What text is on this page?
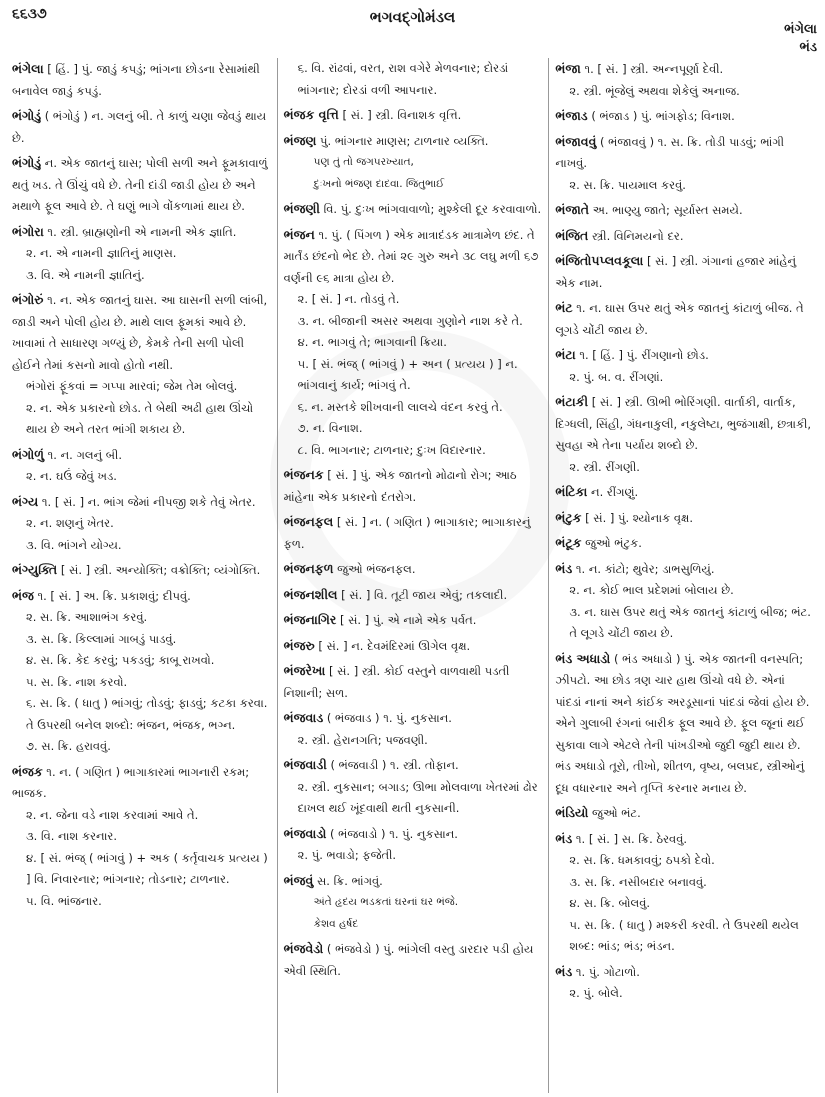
૬૬૩૭	ભગવદ્ગોમંડલ
ભંગેલા
ભંડ
ભંગેલા [ હિં. ] પું. જાડું કપડું; ભાંગના છોડના રેસામાંથી બનાવેલ જાડું કપડું.
ભંગોડું ( ભંગોડું ) ન. ગલનું બી. તે કાળું ચણા જેવડું થાય છે.
ભંગોડું ન. એક જાતનું ઘાસ; પોલી સળી અને ફૂમકાવાળું થતું ખડ. તે ઊંચું વધે છે. તેની દાંડી જાડી હોય છે અને મથાળે ફૂલ આવે છે. તે ઘણું ભાગે વોંકળામાં થાય છે.
ભંગોરા ૧. સ્ત્રી. બ્રાહ્મણોની એ નામની એક જ્ઞાતિ.
૨. ન. એ નામની જ્ઞાતિનું માણસ.
૩. વિ. એ નામની જ્ઞાતિનું.
ભંગોરું ૧. ન. એક જાતનું ઘાસ. આ ઘાસની સળી લાંબી, જાડી અને પોલી હોય છે. માથે લાલ ફૂમકાં આવે છે. ખાવામાં તે સાધારણ ગળ્યું છે, કેમકે તેની સળી પોલી હોઈને તેમાં કસનો માવો હોતો નથી.
ભંગોરાં ફૂંકવાં = ગપ્પા મારવાં; જેમ તેમ બોલવું.
૨. ન. એક પ્રકારનો છોડ. તે બેથી અઢી હાથ ઊંચો થાય છે અને તરત ભાંગી શકાય છે.
ભંગોળું ૧. ન. ગલનું બી.
૨. ન. ઘઉં જેવું ખડ.
ભંગ્ય ૧. [ સં. ] ન. ભાંગ જેમાં નીપજી શકે તેવું ખેતર.
૨. ન. શણનું ખેતર.
૩. વિ. ભાંગને યોગ્ય.
ભંગ્યુક્તિ [ સં. ] સ્ત્રી. અન્યોક્તિ; વક્રોક્તિ; વ્યંગોક્તિ.
ભંજ ૧. [ સં. ] અ. ક્રિ. પ્રકાશવું; દીપવું.
૨. સ. ક્રિ. આશાભંગ કરવું.
૩. સ. ક્રિ. કિલ્લામાં ગાબડું પાડવું.
૪. સ. ક્રિ. કેદ કરવું; પકડવું; કાબૂ રાખવો.
૫. સ. ક્રિ. નાશ કરવો.
૬. સ. ક્રિ. ( ધાતુ ) ભાંગવું; તોડવું; ફાડવું; કટકા કરવા. તે ઉપરથી બનેલ શબ્દો: ભંજન, ભંજક, ભગ્ન.
૭. સ. ક્રિ. હરાવવું.
ભંજક ૧. ન. ( ગણિત ) ભાગાકારમાં ભાગનારી રકમ; ભાજક.
૨. ન. જેના વડે નાશ કરવામાં આવે તે.
૩. વિ. નાશ કરનાર.
૪. [ સં. ભંજ્ ( ભાંગવું ) + અક ( કર્તૃવાચક પ્રત્યય ) ] વિ. નિવારનાર; ભાંગનાર; તોડનાર; ટાળનાર.
૫. વિ. ભાંજનાર.
૬. વિ. રાંઢવાં, વરત, રાશ વગેરે મેળવનાર; દોરડાં ભાંગનાર; દોરડાં વળી આપનાર.
ભંજક વૃત્તિ [ સં. ] સ્ત્રી. વિનાશક વૃત્તિ.
ભંજણ પું. ભાંગનાર માણસ; ટાળનાર વ્યક્તિ.
પણ તું તો જગપરખ્યાત,
દુઃખનો ભંજણ દાદવા. જિતુભાઈ
ભંજણી વિ. પું. દુઃખ ભાંગવાવાળો; મુશ્કેલી દૂર કરવાવાળો.
ભંજન ૧. પું. ( પિંગળ ) એક માત્રાદંડક માત્રામેળ છંદ. તે માર્તંડ છંદનો ભેદ છે. તેમાં ૨૯ ગુરુ અને ૩૮ લઘુ મળી ૬૭ વર્ણની ૯૬ માત્રા હોય છે.
૨. [ સં. ] ન. તોડવું તે.
૩. ન. બીજાની અસર અથવા ગુણોને નાશ કરે તે.
૪. ન. ભાગવું તે; ભાગવાની ક્રિયા.
૫. [ સં. ભંજ્ ( ભાંગવું ) + અન ( પ્રત્યય ) ] ન. ભાંગવાનું કાર્ય; ભાંગવું તે.
૬. ન. મસ્તકે શીખવાની લાલચે વંદન કરવું તે.
૭. ન. વિનાશ.
૮. વિ. ભાગનાર; ટાળનાર; દુઃખ વિદારનાર.
ભંજનક [ સં. ] પું. એક જાતનો મોઢાનો રોગ; આઠ માંહેના એક પ્રકારનો દંતરોગ.
ભંજનફલ [ સં. ] ન. ( ગણિત ) ભાગાકાર; ભાગાકારનું ફળ.
ભંજનફળ જુઓ ભંજનફલ.
ભંજનશીલ [ સં. ] વિ. તૂટી જાય એવું; તકલાદી.
ભંજનાગિર [ સં. ] પું. એ નામે એક પર્વત.
ભંજરુ [ સં. ] ન. દેવમંદિરમાં ઊગેલ વૃક્ષ.
ભંજરેખા [ સં. ] સ્ત્રી. કોઈ વસ્તુને વાળવાથી પડતી નિશાની; સળ.
ભંજવાડ ( ભંજવાડ ) ૧. પું. નુકસાન.
૨. સ્ત્રી. હેરાનગતિ; પજવણી.
ભંજવાડી ( ભંજવાડી ) ૧. સ્ત્રી. તોફાન.
૨. સ્ત્રી. નુકસાન; બગાડ; ઊભા મોલવાળા ખેતરમાં ઢોર દાખલ થઈ ખૂંદવાથી થતી નુકસાની.
ભંજવાડો ( ભંજવાડો ) ૧. પું. નુકસાન.
૨. પું. ભવાડો; ફજેતી.
ભંજવું સ. ક્રિ. ભાંગવું.
અંતે હૃદય ભડકતાં ઘરનાં ઘર ભંજે.
કેશવ હર્ષદ
ભંજવેડો ( ભંજવેડો ) પું. ભાંગેલી વસ્તુ ડારદાર પડી હોય એવી સ્થિતિ.
ભંજા ૧. [ સં. ] સ્ત્રી. અન્નપૂર્ણા દેવી.
૨. સ્ત્રી. ભૂંજેલું અથવા શેકેલું અનાજ.
ભંજાડ ( ભંજાડ ) પું. ભાંગફોડ; વિનાશ.
ભંજાવવું ( ભંજાવવું ) ૧. સ. ક્રિ. તોડી પાડવું; ભાંગી નાખવું.
૨. સ. ક્રિ. પાયમાલ કરવું.
ભંજાતે અ. ભાણ્યુ જાતે; સૂર્યાસ્ત સમયે.
ભંજિત સ્ત્રી. વિનિમયનો દર.
ભંજિતોપપ્લવકૂલા [ સં. ] સ્ત્રી. ગંગાનાં હજાર માંહેનું એક નામ.
ભંટ ૧. ન. ઘાસ ઉપર થતું એક જાતનું કાંટાળું બીજ. તે લૂગડે ચોંટી જાય છે.
ભંટા ૧. [ હિં. ] પું. રીંગણાનો છોડ.
૨. પું. બ. વ. રીંગણાં.
ભંટાકી [ સં. ] સ્ત્રી. ઊભી ભોરિંગણી. વાર્તાકી, વાર્તાક, દિગ્ધલી, સિંહી, ગંધનાકુલી, નકુલેષ્ટા, ભુજંગાક્ષી, છત્રાકી, સુવહા એ તેના પર્યાય શબ્દો છે.
૨. સ્ત્રી. રીંગણી.
ભંટિકા ન. રીંગણું.
ભંટુક [ સં. ] પું. શ્યોનાક વૃક્ષ.
ભંટૂક જુઓ ભંટુક.
ભંડ ૧. ન. કાંટો; થુવેર; ડાભસુળિયું.
૨. ન. કોઈ ભાલ પ્રદેશમાં બોલાય છે.
૩. ન. ઘાસ ઉપર થતું એક જાતનું કાંટાળું બીજ; ભંટ. તે લૂગડે ચોંટી જાય છે.
ભંડ અધાડો ( ભંડ અધાડો ) પું. એક જાતની વનસ્પતિ; ઝીપટો. આ છોડ ત્રણ ચાર હાથ ઊંચો વધે છે. એનાં પાંદડાં નાનાં અને કાંઈક અરડૂસાનાં પાંદડાં જેવાં હોય છે. એને ગુલાબી રંગનાં બારીક ફૂલ આવે છે. ફૂલ જૂનાં થઈ સુકાવા લાગે એટલે તેની પાંખડીઓ જુદી જુદી થાય છે. ભંડ અધાડો તૂરો, તીખો, શીતળ, વૃષ્ય, બલપ્રદ, સ્ત્રીઓનું દૂધ વધારનાર અને તૃપ્તિ કરનાર મનાય છે.
ભંડિયો જુઓ ભંટ.
ભંડ ૧. [ સં. ] સ. ક્રિ. ઠેરવવું.
૨. સ. ક્રિ. ધમકાવવું; ઠપકો દેવો.
૩. સ. ક્રિ. નસીબદાર બનાવવું.
૪. સ. ક્રિ. બોલવું.
૫. સ. ક્રિ. ( ધાતુ ) મશ્કરી કરવી. તે ઉપરથી થયેલ શબ્દ: ભાંડ; ભંડ; ભંડન.
ભંડ ૧. પું. ગોટાળો.
૨. પું. બોલે.
